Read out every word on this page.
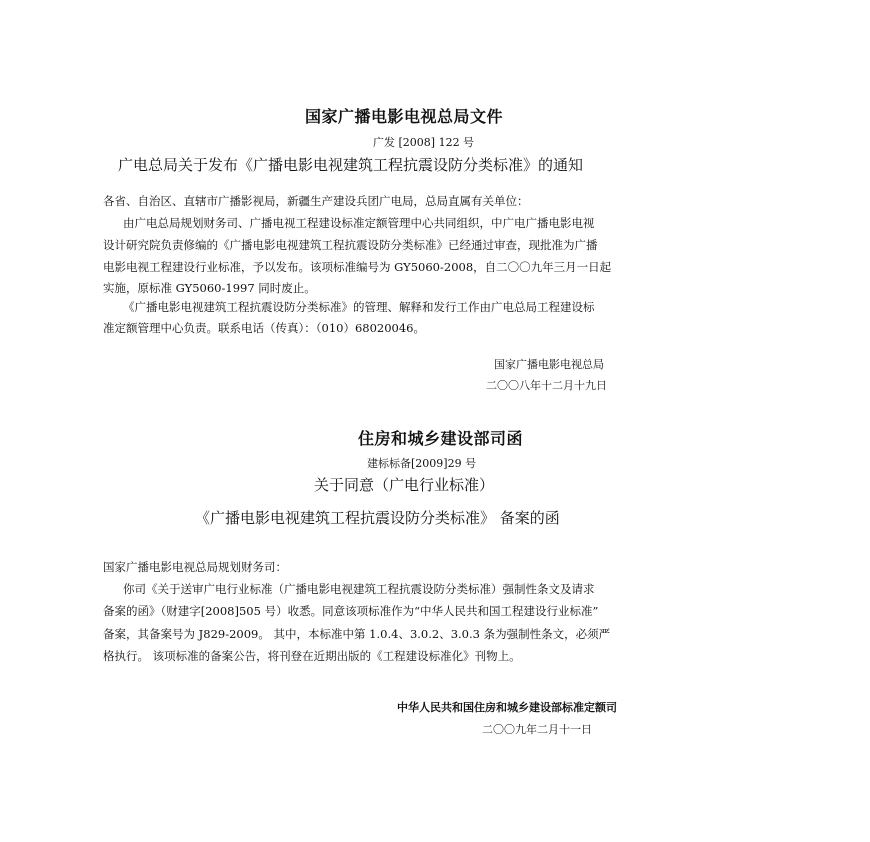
国家广播电影电视总局文件
广发 [2008] 122 号
广电总局关于发布《广播电影电视建筑工程抗震设防分类标准》的通知
各省、自治区、直辖市广播影视局，新疆生产建设兵团广电局，总局直属有关单位：
由广电总局规划财务司、广播电视工程建设标准定额管理中心共同组织，中广电广播电影电视
设计研究院负责修编的《广播电影电视建筑工程抗震设防分类标准》已经通过审查，现批准为广播
电影电视工程建设行业标准，予以发布。该项标准编号为 GY5060-2008，自二〇〇九年三月一日起
实施，原标准 GY5060-1997 同时废止。
《广播电影电视建筑工程抗震设防分类标准》的管理、解释和发行工作由广电总局工程建设标
准定额管理中心负责。联系电话（传真）：（010）68020046。
国家广播电影电视总局
二〇〇八年十二月十九日
住房和城乡建设部司函
建标标备[2009]29 号
关于同意（广电行业标准）
《广播电影电视建筑工程抗震设防分类标准》 备案的函
国家广播电影电视总局规划财务司：
你司《关于送审广电行业标准（广播电影电视建筑工程抗震设防分类标准）强制性条文及请求
备案的函》（财建字[2008]505 号）收悉。同意该项标准作为“中华人民共和国工程建设行业标准”
备案，其备案号为 J829-2009。 其中，本标准中第 1.0.4、3.0.2、3.0.3 条为强制性条文，必须严
格执行。 该项标准的备案公告，将刊登在近期出版的《工程建设标准化》刊物上。
中华人民共和国住房和城乡建设部标准定额司
二〇〇九年二月十一日
